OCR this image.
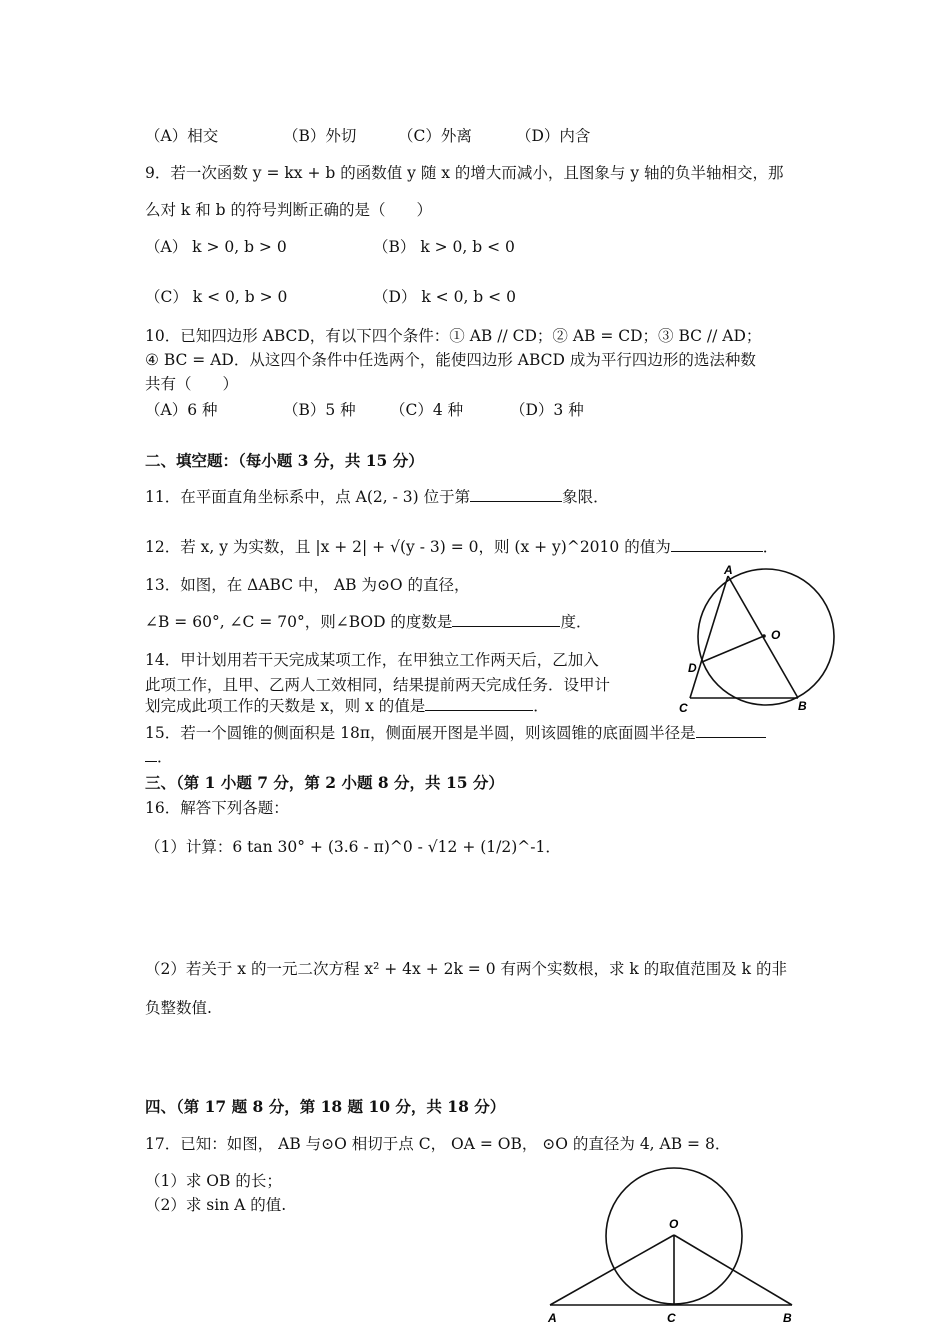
（A）相交	（B）外切	（C）外离	（D）内含
9．若一次函数 y = kx + b 的函数值 y 随 x 的增大而减小，且图象与 y 轴的负半轴相交，那
么对 k 和 b 的符号判断正确的是（　　）
（A） k > 0, b > 0	（B） k > 0, b < 0
（C） k < 0, b > 0	（D） k < 0, b < 0
10．已知四边形 ABCD，有以下四个条件：① AB // CD；② AB = CD；③ BC // AD；
④ BC = AD．从这四个条件中任选两个，能使四边形 ABCD 成为平行四边形的选法种数
共有（　　）
（A）6 种	（B）5 种 （C）4 种	（D）3 种
二、填空题：（每小题 3 分，共 15 分）
11．在平面直角坐标系中，点 A(2, - 3) 位于第	象限．
12．若 x, y 为实数，且 |x + 2| + √(y - 3) = 0，则 (x + y)^2010 的值为	．
13．如图，在 ΔABC 中， AB 为⊙O 的直径，
∠B = 60°, ∠C = 70°，则∠BOD 的度数是	度．
14．甲计划用若干天完成某项工作，在甲独立工作两天后，乙加入
此项工作，且甲、乙两人工效相同，结果提前两天完成任务．设甲计
划完成此项工作的天数是 x，则 x 的值是	．
15．若一个圆锥的侧面积是 18π，侧面展开图是半圆，则该圆锥的底面圆半径是
．
三、（第 1 小题 7 分，第 2 小题 8 分，共 15 分）
16．解答下列各题：
（1）计算：6 tan 30° + (3.6 - π)^0 - √12 + (1/2)^-1．
（2）若关于 x 的一元二次方程 x² + 4x + 2k = 0 有两个实数根，求 k 的取值范围及 k 的非
负整数值.
四、（第 17 题 8 分，第 18 题 10 分，共 18 分）
17．已知：如图， AB 与⊙O 相切于点 C， OA = OB， ⊙O 的直径为 4, AB = 8．
（1）求 OB 的长；
（2）求 sin A 的值.
A
O
D
C	B
O
A	C	B
